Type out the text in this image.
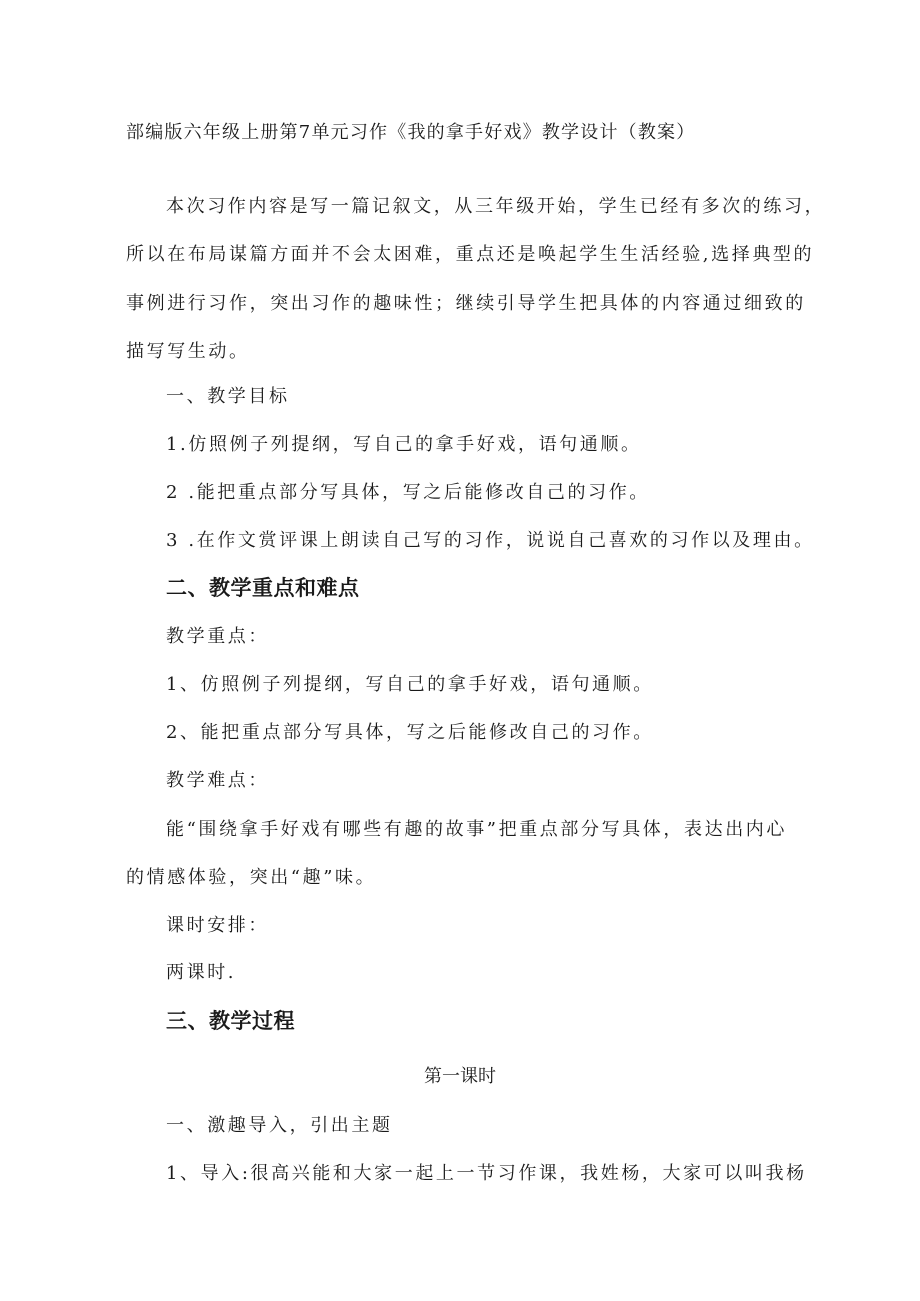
部编版六年级上册第7单元习作《我的拿手好戏》教学设计（教案）
本次习作内容是写一篇记叙文，从三年级开始，学生已经有多次的练习，
所以在布局谋篇方面并不会太困难，重点还是唤起学生生活经验,选择典型的
事例进行习作，突出习作的趣味性；继续引导学生把具体的内容通过细致的
描写写生动。
一、教学目标
1.仿照例子列提纲，写自己的拿手好戏，语句通顺。
2 .能把重点部分写具体，写之后能修改自己的习作。
3 .在作文赏评课上朗读自己写的习作，说说自己喜欢的习作以及理由。
二、教学重点和难点
教学重点：
1、仿照例子列提纲，写自己的拿手好戏，语句通顺。
2、能把重点部分写具体，写之后能修改自己的习作。
教学难点：
能“围绕拿手好戏有哪些有趣的故事”把重点部分写具体，表达出内心
的情感体验，突出“趣”味。
课时安排：
两课时.
三、教学过程
第一课时
一、激趣导入，引出主题
1、导入:很高兴能和大家一起上一节习作课，我姓杨，大家可以叫我杨
